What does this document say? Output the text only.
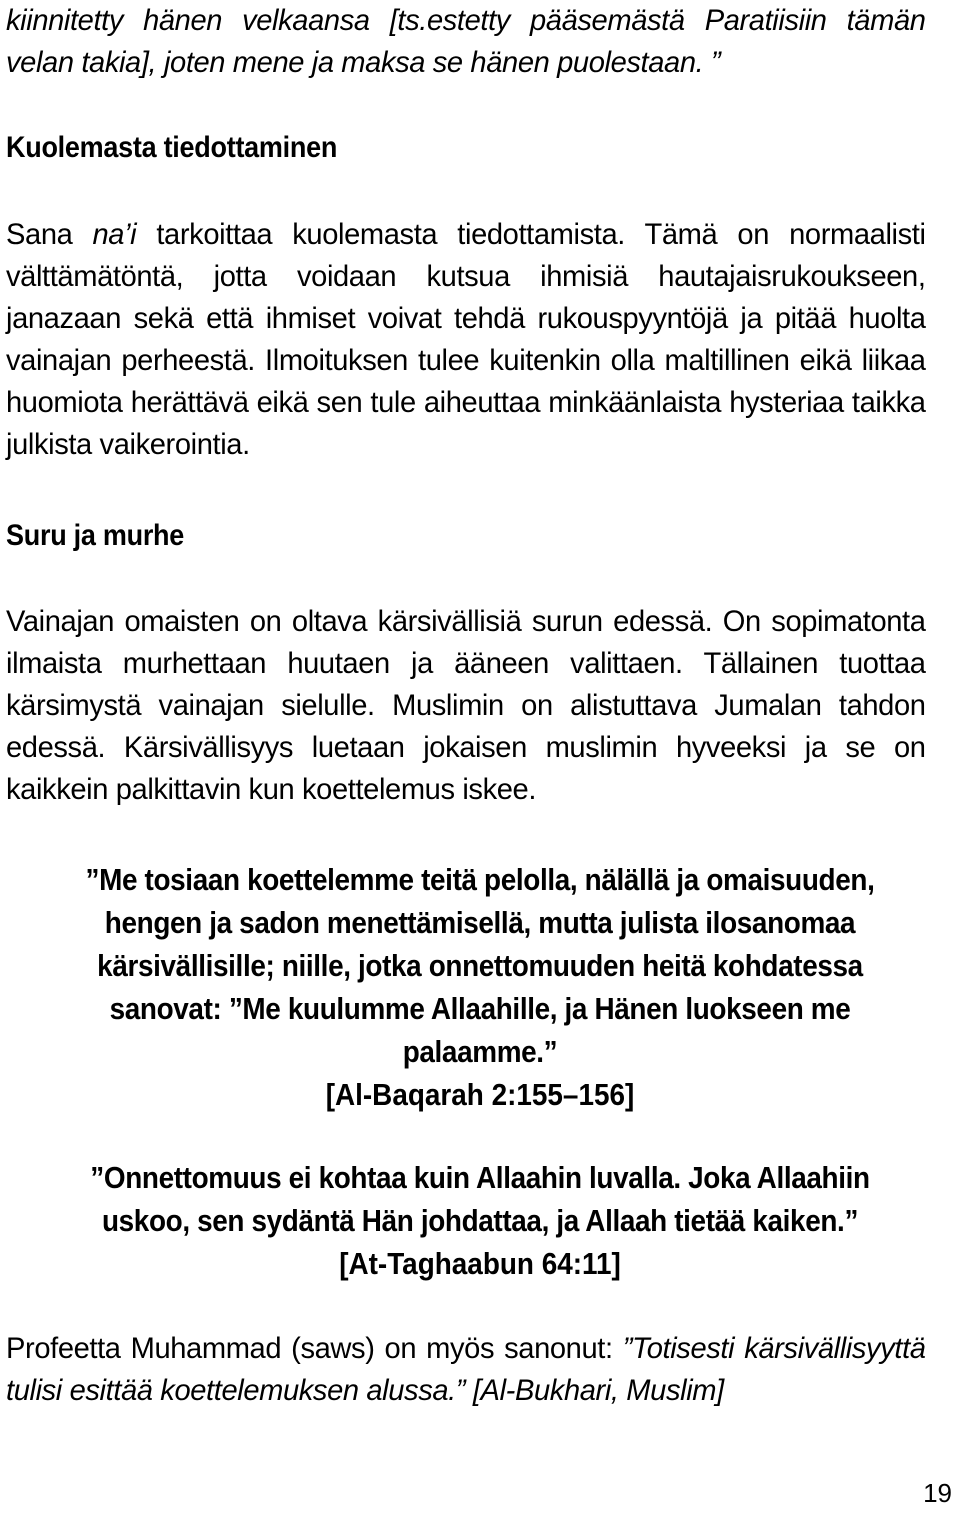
kiinnitetty hänen velkaansa [ts.estetty pääsemästä Paratiisiin tämän

velan takia], joten mene ja maksa se hänen puolestaan. ”

Kuolemasta tiedottaminen

Sana na’i tarkoittaa kuolemasta tiedottamista. Tämä on normaalisti välttämätöntä, jotta voidaan kutsua ihmisiä hautajaisrukoukseen, janazaan sekä että ihmiset voivat tehdä rukouspyyntöjä ja pitää huolta vainajan perheestä. Ilmoituksen tulee kuitenkin olla maltillinen eikä liikaa huomiota herättävä eikä sen tule aiheuttaa minkäänlaista hysteriaa taikka julkista vaikerointia.

Suru ja murhe

Vainajan omaisten on oltava kärsivällisiä surun edessä. On sopimatonta ilmaista murhettaan huutaen ja ääneen valittaen. Tällainen tuottaa kärsimystä vainajan sielulle. Muslimin on alistuttava Jumalan tahdon edessä. Kärsivällisyys luetaan jokaisen muslimin hyveeksi ja se on kaikkein palkittavin kun koettelemus iskee.

”Me tosiaan koettelemme teitä pelolla, nälällä ja omaisuuden,

hengen ja sadon menettämisellä, mutta julista ilosanomaa

kärsivällisille; niille, jotka onnettomuuden heitä kohdatessa

sanovat: ”Me kuulumme Allaahille, ja Hänen luokseen me

palaamme.”

[Al-Baqarah 2:155–156]

”Onnettomuus ei kohtaa kuin Allaahin luvalla. Joka Allaahiin

uskoo, sen sydäntä Hän johdattaa, ja Allaah tietää kaiken.”

[At-Taghaabun 64:11]

Profeetta Muhammad (saws) on myös sanonut: ”Totisesti kärsivällisyyttä tulisi esittää koettelemuksen alussa.” [Al-Bukhari, Muslim]

19
